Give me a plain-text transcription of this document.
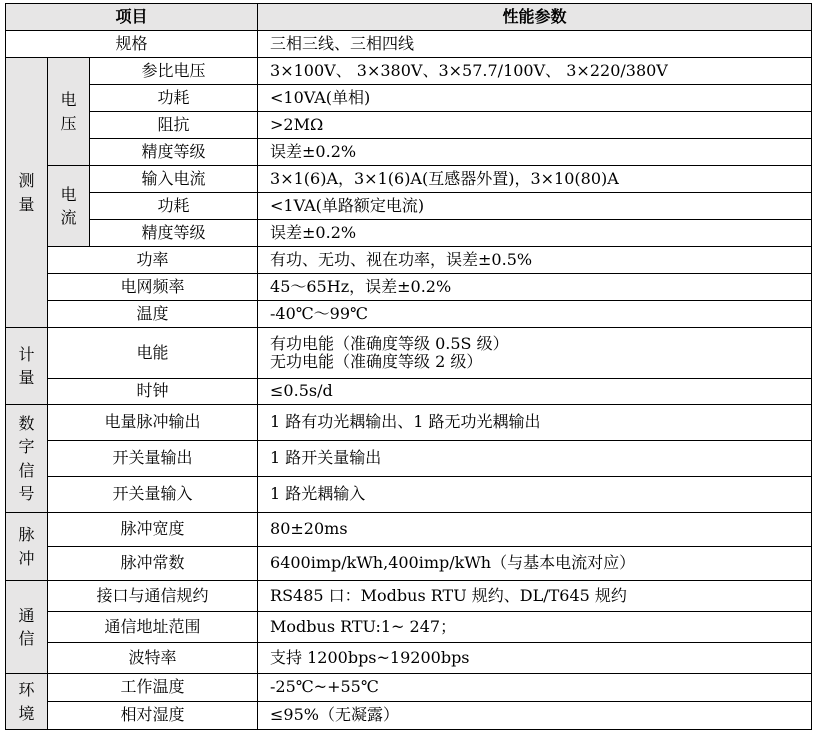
项目			性能参数
规格			三相三线、三相四线
测量	电压	参比电压	3×100V、 3×380V、3×57.7/100V、 3×220/380V
		功耗	<10VA(单相)
		阻抗	>2MΩ
		精度等级	误差±0.2%
	电流	输入电流	3×1(6)A，3×1(6)A(互感器外置)，3×10(80)A
		功耗	<1VA(单路额定电流)
		精度等级	误差±0.2%
	功率		有功、无功、视在功率，误差±0.5%
	电网频率		45～65Hz，误差±0.2%
	温度		-40℃～99℃
计量	电能		有功电能（准确度等级 0.5S 级）
无功电能（准确度等级 2 级）

	时钟		≤0.5s/d
数字信号	电量脉冲输出		1 路有功光耦输出、1 路无功光耦输出
	开关量输出		1 路开关量输出
	开关量输入		1 路光耦输入
脉冲	脉冲宽度		80±20ms
	脉冲常数		6400imp/kWh,400imp/kWh（与基本电流对应）
通信	接口与通信规约		RS485 口：Modbus RTU 规约、DL/T645 规约
	通信地址范围		Modbus RTU:1~ 247；
	波特率		支持 1200bps~19200bps
环境	工作温度		-25℃~+55℃
	相对湿度		≤95%（无凝露）
